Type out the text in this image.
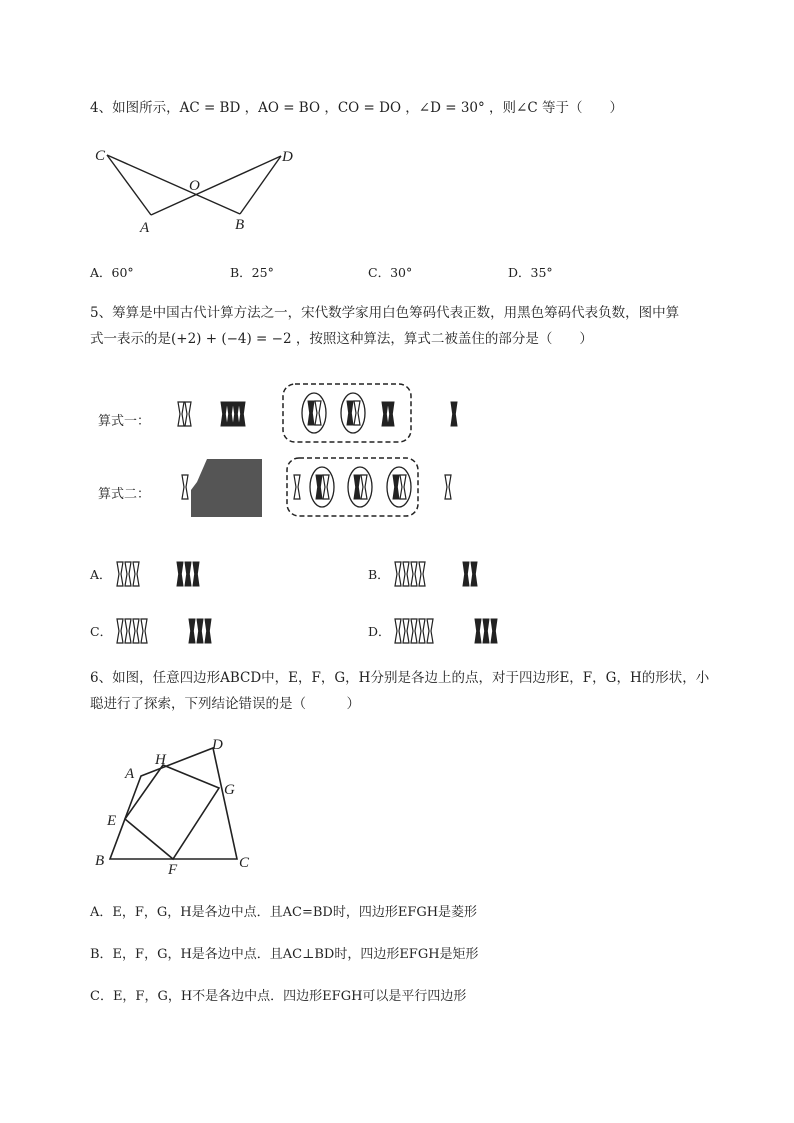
4、如图所示，AC = BD ，AO = BO ，CO = DO ，∠D = 30° ，则∠C 等于（　　）
C	D
O
A	B
A．60°	B．25°	C．30°	D．35°
5、筹算是中国古代计算方法之一，宋代数学家用白色筹码代表正数，用黑色筹码代表负数，图中算
式一表示的是(+2) + (−4) = −2 ，按照这种算法，算式二被盖住的部分是（　　）
算式一：
算式二：
A．	B．
C．	D．
6、如图，任意四边形ABCD中，E，F，G，H分别是各边上的点，对于四边形E，F，G，H的形状，小
聪进行了探索，下列结论错误的是（　　　）
A
B	C
D
E
F
G
H
A．E，F，G，H是各边中点．且AC=BD时，四边形EFGH是菱形
B．E，F，G，H是各边中点．且AC⊥BD时，四边形EFGH是矩形
C．E，F，G，H不是各边中点．四边形EFGH可以是平行四边形
